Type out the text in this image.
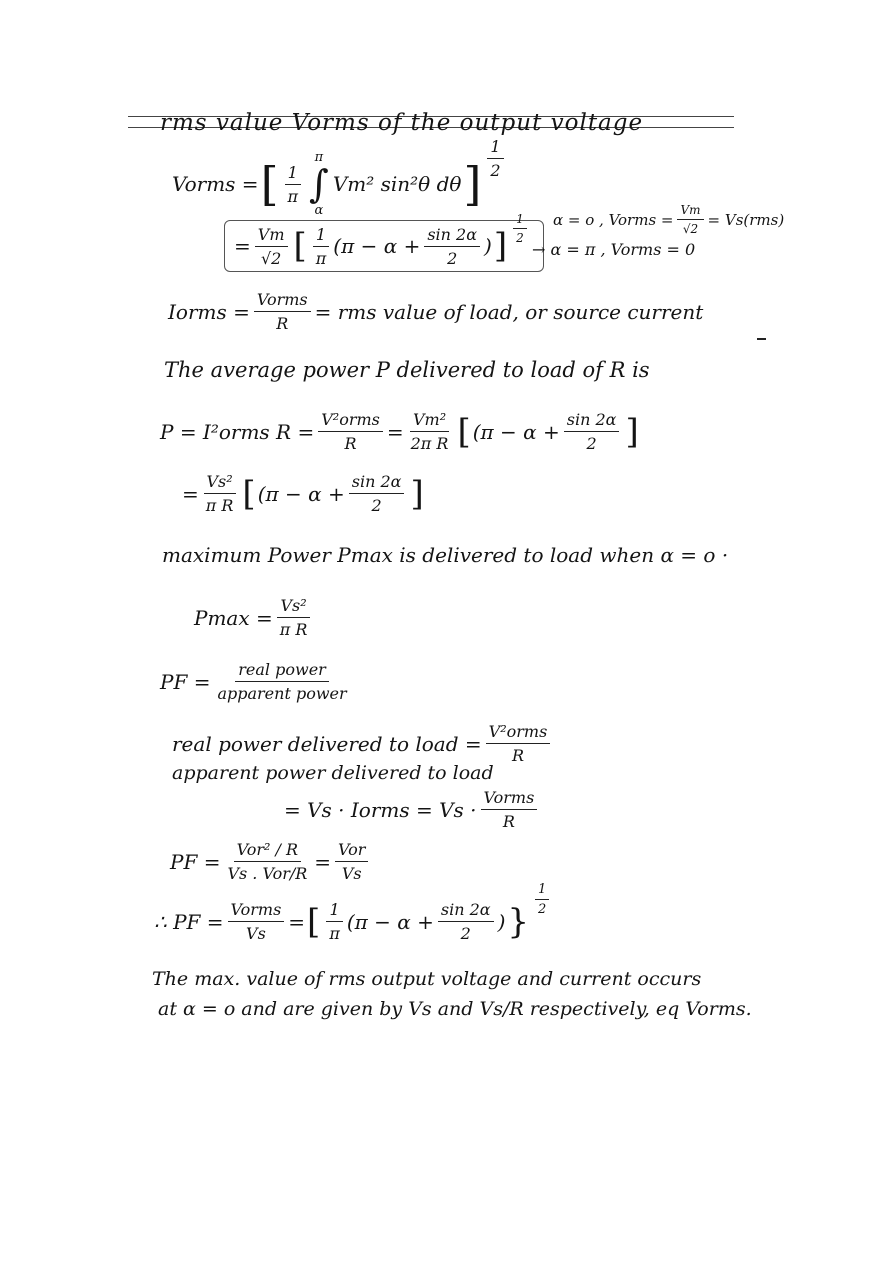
rms value Vorms of the output voltage
Vorms = [ $\frac{1}{\pi}$
π
∫
α
Vm² sin²θ dθ ] $\frac{1}{2}$
= $\frac{Vm}{√2}$ [ $\frac{1}{\pi} (\pi - \alpha + \frac{\sin 2\alpha}{2}$ ) ] $\frac{1}{2}$ α = o , Vorms = $\frac{Vm}{√2} = Vs(rms)$
→ α = π , Vorms = 0
Iorms = $\frac{\text{Vorms}}{R}$ = rms value of load, or source current
The average power P delivered to load of R is
P = I²orms $R = \frac{\text{V²orms}}{R} = \frac{\text{Vm²}}{\text{2π R}}$ [ ($\pi - \alpha + \frac{\sin 2\alpha}{2}$ ]
= $\frac{\text{Vs²}}{\text{π R}}$ [ ($\pi - \alpha + \frac{\sin 2\alpha}{2}$ ]
maximum Power Pmax is delivered to load when α = o ·
$Pmax = \frac{\text{Vs²}}{\text{π R}}$
PF = $\frac{\text{real power}}{\text{apparent power}}$
real power delivered to load = $\frac{\text{V²orms}}{R}$
apparent power delivered to load
= Vs · Iorms = $Vs \cdot \frac{\text{Vorms}}{R}$
PF = $\frac{\text{Vor² / R}}{\text{Vs . Vor/R}} = \frac{\text{Vor}}{Vs}$
∴ PF = $\frac{\text{Vorms}}{Vs}$ = [ $\frac{1}{\pi} (\pi - \alpha + \frac{\sin 2\alpha}{2}$ ) }
$\frac{1}{2}$
The max. value of rms output voltage and current occurs
at α = o and are given by Vs and Vs/R respectively, eq Vorms.
